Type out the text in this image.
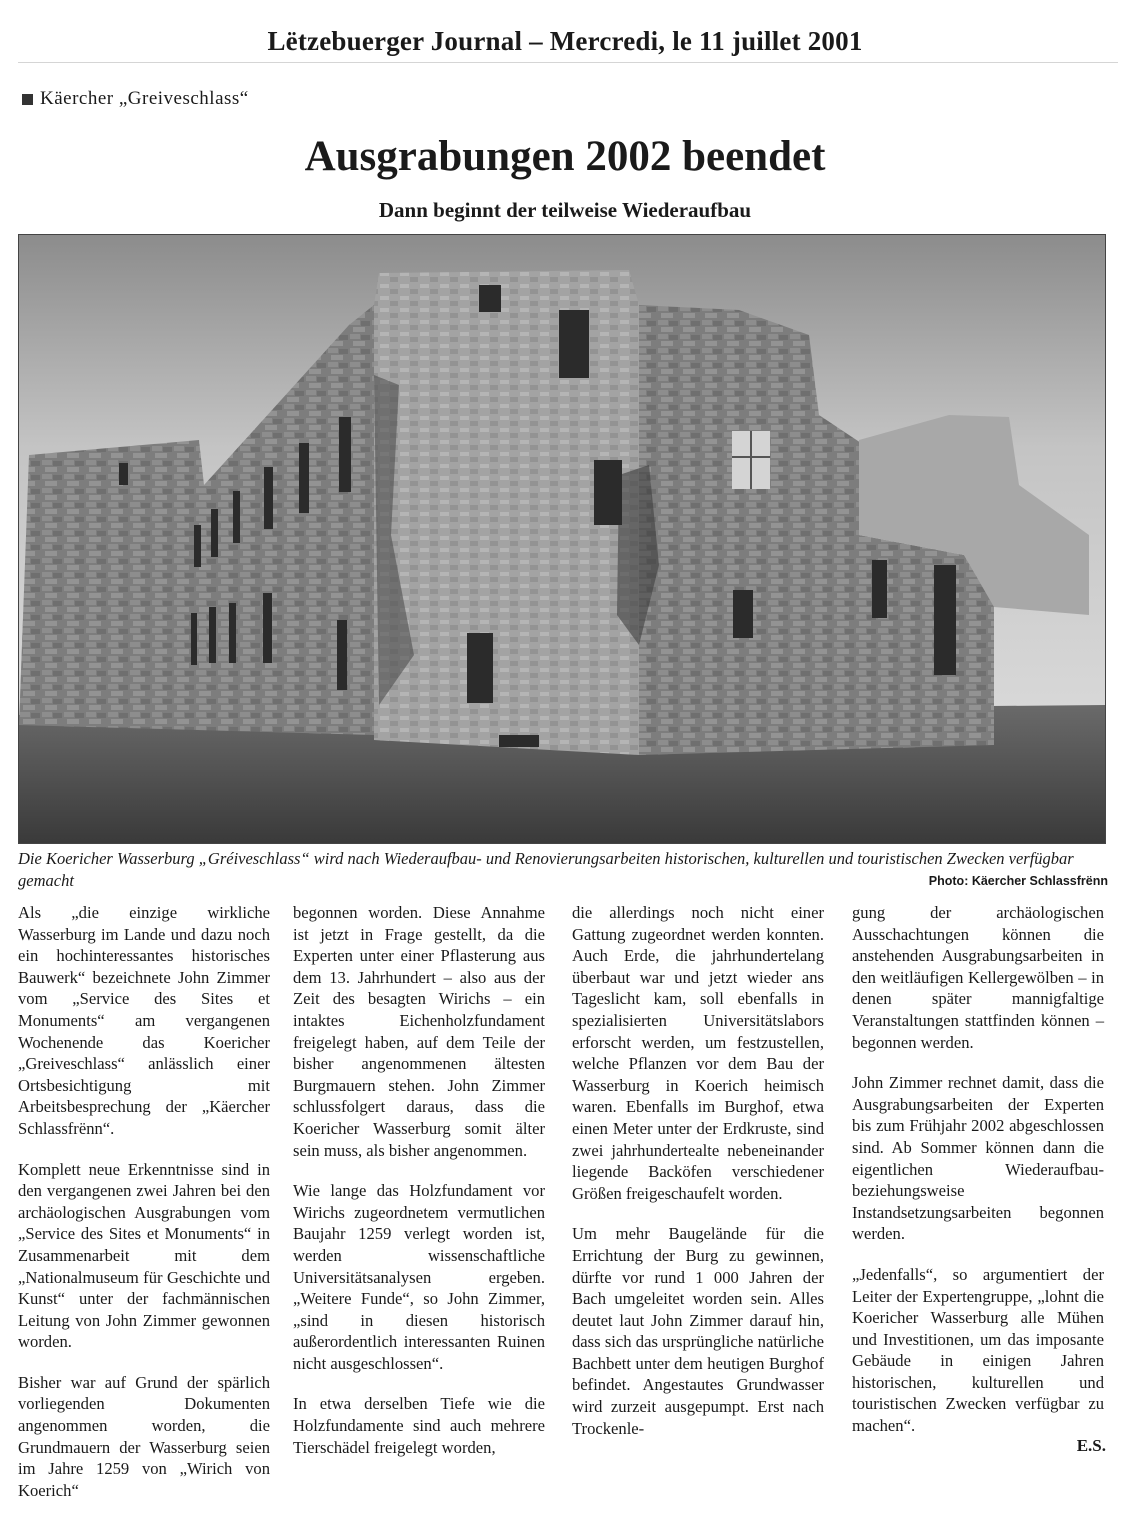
Lëtzebuerger Journal – Mercredi, le 11 juillet 2001
Käercher „Greiveschlass“
Ausgrabungen 2002 beendet
Dann beginnt der teilweise Wiederaufbau
Die Koericher Wasserburg „Gréiveschlass“ wird nach Wiederaufbau- und Renovierungsarbeiten historischen, kulturellen und touristischen Zwecken verfügbar gemacht	Photo: Käercher Schlassfrënn

Als „die einzige wirkliche Wasserburg im Lande und dazu noch ein hochinteressantes historisches Bauwerk“ bezeichnete John Zimmer vom „Service des Sites et Monuments“ am vergangenen Wochenende das Koericher „Greiveschlass“ anlässlich einer Ortsbesichtigung mit Arbeitsbesprechung der „Käercher Schlassfrënn“.

Komplett neue Erkenntnisse sind in den vergangenen zwei Jahren bei den archäologischen Ausgrabungen vom „Service des Sites et Monuments“ in Zusammenarbeit mit dem „Nationalmuseum für Geschichte und Kunst“ unter der fachmännischen Leitung von John Zimmer gewonnen worden.

Bisher war auf Grund der spärlich vorliegenden Dokumenten angenommen worden, die Grundmauern der Wasserburg seien im Jahre 1259 von „Wirich von Koerich“

begonnen worden. Diese Annahme ist jetzt in Frage gestellt, da die Experten unter einer Pflasterung aus dem 13. Jahrhundert – also aus der Zeit des besagten Wirichs – ein intaktes Eichenholzfundament freigelegt haben, auf dem Teile der bisher angenommenen ältesten Burgmauern stehen. John Zimmer schlussfolgert daraus, dass die Koericher Wasserburg somit älter sein muss, als bisher angenommen.

Wie lange das Holzfundament vor Wirichs zugeordnetem vermutlichen Baujahr 1259 verlegt worden ist, werden wissenschaftliche Universitätsanalysen ergeben. „Weitere Funde“, so John Zimmer, „sind in diesen historisch außerordentlich interessanten Ruinen nicht ausgeschlossen“.

In etwa derselben Tiefe wie die Holzfundamente sind auch mehrere Tierschädel freigelegt worden,

die allerdings noch nicht einer Gattung zugeordnet werden konnten. Auch Erde, die jahrhundertelang überbaut war und jetzt wieder ans Tageslicht kam, soll ebenfalls in spezialisierten Universitätslabors erforscht werden, um festzustellen, welche Pflanzen vor dem Bau der Wasserburg in Koerich heimisch waren. Ebenfalls im Burghof, etwa einen Meter unter der Erdkruste, sind zwei jahrhundertealte nebeneinander liegende Backöfen verschiedener Größen freigeschaufelt worden.

Um mehr Baugelände für die Errichtung der Burg zu gewinnen, dürfte vor rund 1 000 Jahren der Bach umgeleitet worden sein. Alles deutet laut John Zimmer darauf hin, dass sich das ursprüngliche natürliche Bachbett unter dem heutigen Burghof befindet. Angestautes Grundwasser wird zurzeit ausgepumpt. Erst nach Trockenle-

gung der archäologischen Ausschachtungen können die anstehenden Ausgrabungsarbeiten in den weitläufigen Kellergewölben – in denen später mannigfaltige Veranstaltungen stattfinden können – begonnen werden.

John Zimmer rechnet damit, dass die Ausgrabungsarbeiten der Experten bis zum Frühjahr 2002 abgeschlossen sind. Ab Sommer können dann die eigentlichen Wiederaufbau- beziehungsweise Instandsetzungsarbeiten begonnen werden.

„Jedenfalls“, so argumentiert der Leiter der Expertengruppe, „lohnt die Koericher Wasserburg alle Mühen und Investitionen, um das imposante Gebäude in einigen Jahren historischen, kulturellen und touristischen Zwecken verfügbar zu machen“.

E.S.
